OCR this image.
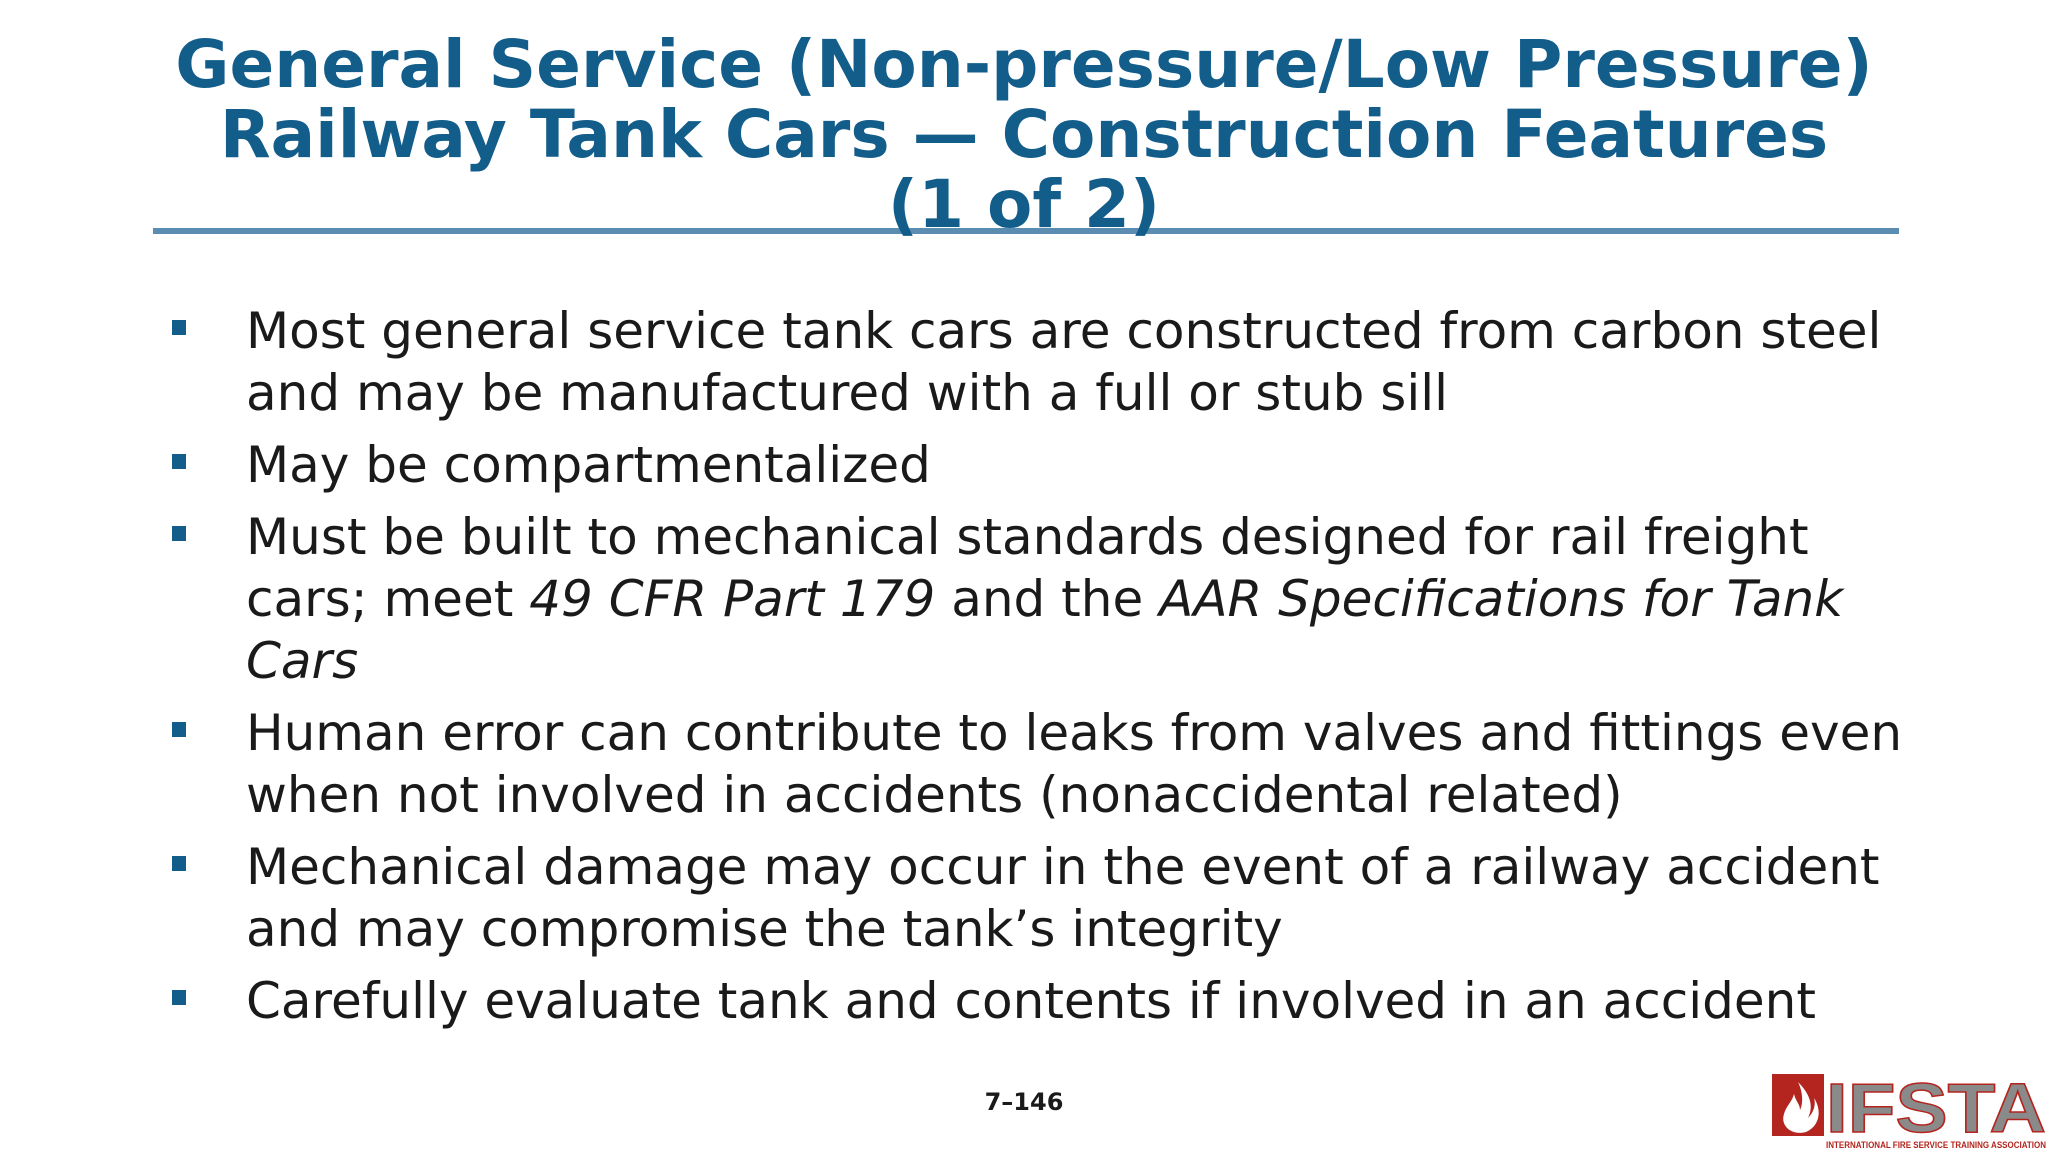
General Service (Non-pressure/Low Pressure)
Railway Tank Cars — Construction Features
(1 of 2)
Most general service tank cars are constructed from carbon steel and may be manufactured with a full or stub sill
May be compartmentalized
Must be built to mechanical standards designed for rail freight cars; meet 49 CFR Part 179 and the AAR Specifications for Tank Cars
Human error can contribute to leaks from valves and fittings even when not involved in accidents (nonaccidental related)
Mechanical damage may occur in the event of a railway accident and may compromise the tank’s integrity
Carefully evaluate tank and contents if involved in an accident
7–146	IFSTA
INTERNATIONAL FIRE SERVICE TRAINING ASSOCIATION
